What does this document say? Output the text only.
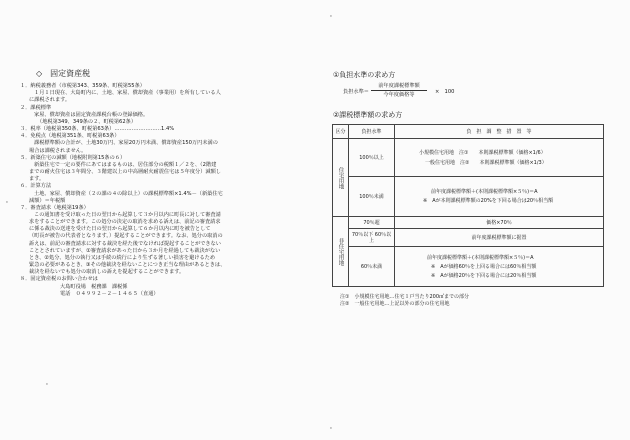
'
'
'
'
◇　固定資産税
１．納税義務者（市税第343、359条、町税第55条）
１月１日現在、大島町内に、土地、家屋、償却資産（事業用）を所有している人
に課税されます。
２．課税標準
家屋、償却資産は固定資産課税台帳の登録価格。
（地税第349、349条の２、町税第62条）
３．税率（地税第350条、町税第63条）………………………1.4%
４．免税点（地税第351条、町税第63条）
課税標準額の合計が、土地30万円、家屋20万円未満、償却資産150万円未満の
場合は課税されません。
５．新築住宅の減額（地税附則第15条の６）
新築住宅で一定の要件にあてはまるものは、居住部分の税額１／２を、（2階建
までの耐火住宅は３年間分、３階建以上の中高層耐火耐震住宅は５年度分）減額し
ます。
６．計算方法
土地、家屋、償却資産（２の課の４の除以上）の課税標準額×1.4%－（新築住宅
減額）＝年税額
７．審査請求（地税第19条）
この通知書を受け取った日の翌日から起算して３か月以内に町長に対して審査請
求をすることができます。この処分の決定の取消を求める訴えは、前記の審査請求
に係る裁決の送達を受けた日の翌日から起算して６か月以内に町を被告として
（町長が被告の代表者となります。）提起することができます。なお、処分の取消の
訴えは、前記の審査請求に対する裁決を経た後でなければ提起することができない
こととされていますが、①審査請求があった日から３か月を経過しても裁決がない
とき、②処分、処分の執行又は手続の続行により生ずる著しい損害を避けるため
緊急の必要があるとき、③その他裁決を経ないことにつき正当な理由があるときは、
裁決を経ないでも処分の取消しの訴えを提起することができます。
８．固定資産税のお問い合わせは
大島町役場　税務課　課税係
電話　０４９９２－２－１４６５（直通）
①負担水準の求め方
負担水準＝
前年度課税標準額
今年度価格等	×　100
②課税標準額の求め方
区分	負担水準	負　担　調　整　措　置　等
住宅用地	100％以上	小規模住宅用地　注①　　本則課税標準額（価格×1/6）
一般住宅用地　注②　　本則課税標準額（価格×1/3）

	100％未満	前年度課税標準額＋(本則課税標準額×５％)＝A
※　Aが本則課税標準額の20%を下回る場合は20％相当額

非住宅用地	70％超	価格×70％
	70％以下 60％以上	前年度課税標準額に据置
	60％未満	前年度課税標準額＋(本則課税標準額×５％)＝A
※　Aが価格60％を上回る場合には60％相当額
※　Aが価格20％を下回る場合には20％相当額
注①　小規模住宅用地…住宅１戸当たり200㎡までの部分
注②　一般住宅用地…上記以外の部分の住宅用地
